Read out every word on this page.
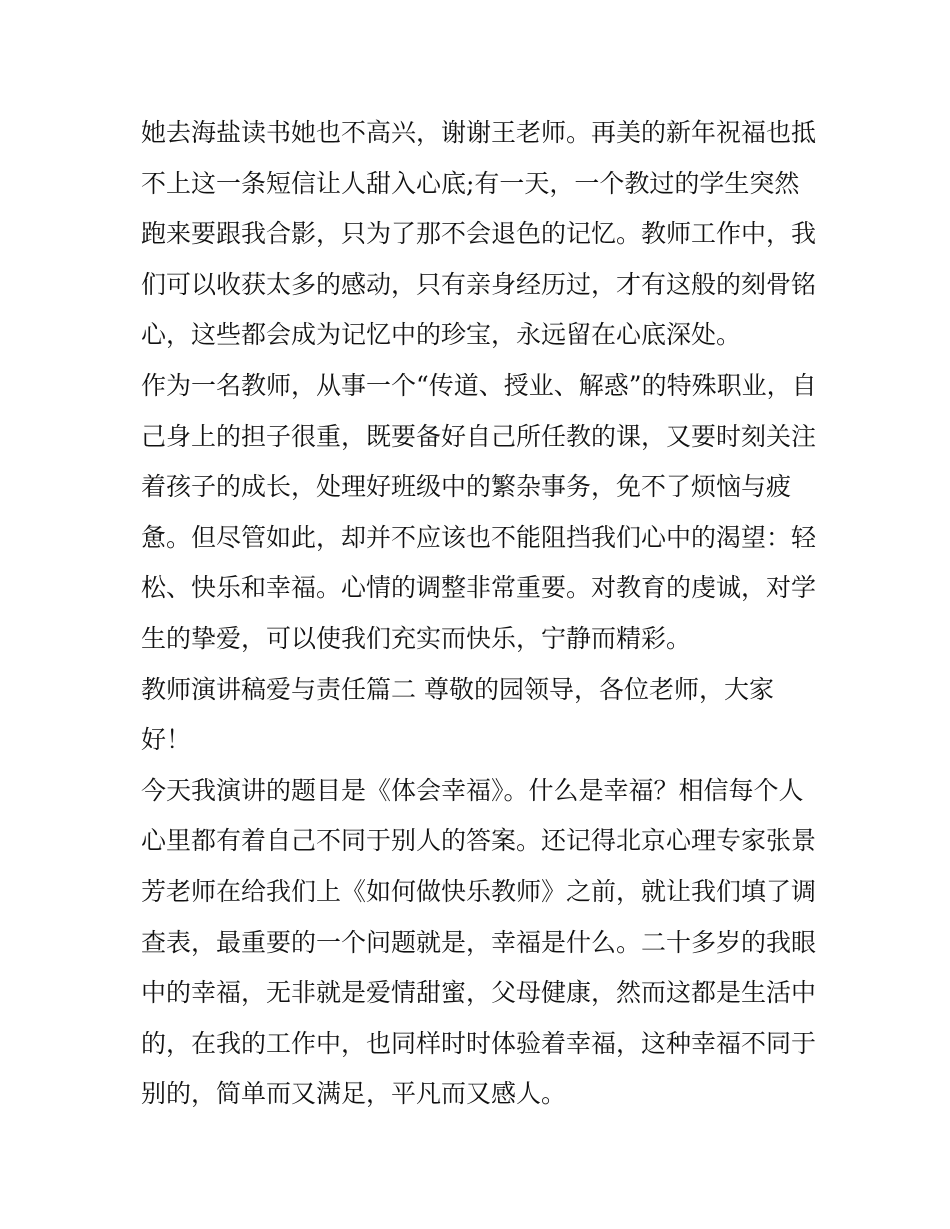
她去海盐读书她也不高兴，谢谢王老师。再美的新年祝福也抵
不上这一条短信让人甜入心底;有一天，一个教过的学生突然
跑来要跟我合影，只为了那不会退色的记忆。教师工作中，我
们可以收获太多的感动，只有亲身经历过，才有这般的刻骨铭
心，这些都会成为记忆中的珍宝，永远留在心底深处。
作为一名教师，从事一个“传道、授业、解惑”的特殊职业，自
己身上的担子很重，既要备好自己所任教的课，又要时刻关注
着孩子的成长，处理好班级中的繁杂事务，免不了烦恼与疲
惫。但尽管如此，却并不应该也不能阻挡我们心中的渴望：轻
松、快乐和幸福。心情的调整非常重要。对教育的虔诚，对学
生的挚爱，可以使我们充实而快乐，宁静而精彩。
教师演讲稿爱与责任篇二 尊敬的园领导，各位老师，大家
好！
今天我演讲的题目是《体会幸福》。什么是幸福？相信每个人
心里都有着自己不同于别人的答案。还记得北京心理专家张景
芳老师在给我们上《如何做快乐教师》之前，就让我们填了调
查表，最重要的一个问题就是，幸福是什么。二十多岁的我眼
中的幸福，无非就是爱情甜蜜，父母健康，然而这都是生活中
的，在我的工作中，也同样时时体验着幸福，这种幸福不同于
别的，简单而又满足，平凡而又感人。
